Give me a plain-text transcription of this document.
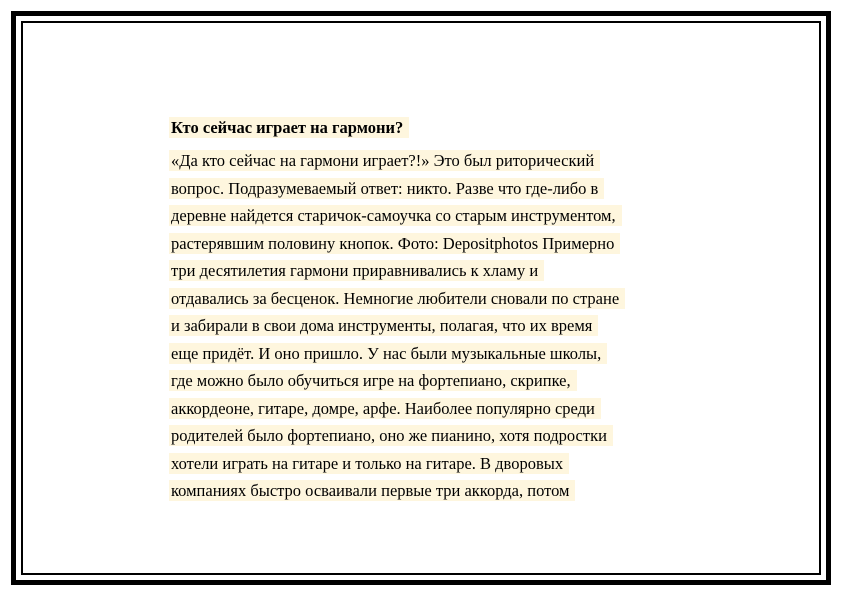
Кто сейчас играет на гармони?
«Да кто сейчас на гармони играет?!» Это был риторический
вопрос. Подразумеваемый ответ: никто. Разве что где-либо в
деревне найдется старичок-самоучка со старым инструментом,
растерявшим половину кнопок. Фото: Depositphotos Примерно
три десятилетия гармони приравнивались к хламу и
отдавались за бесценок. Немногие любители сновали по стране
и забирали в свои дома инструменты, полагая, что их время
еще придёт. И оно пришло. У нас были музыкальные школы,
где можно было обучиться игре на фортепиано, скрипке,
аккордеоне, гитаре, домре, арфе. Наиболее популярно среди
родителей было фортепиано, оно же пианино, хотя подростки
хотели играть на гитаре и только на гитаре. В дворовых
компаниях быстро осваивали первые три аккорда, потом
